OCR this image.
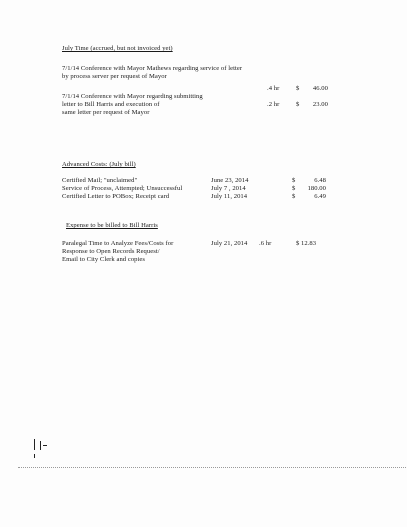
July Time (accrued, but not invoiced yet)
7/1/14 Conference with Mayor Mathews regarding service of letter
by process server per request of Mayor
.4 hr	$	46.00
7/1/14 Conference with Mayor regarding submitting
letter to Bill Harris and execution of	.2 hr	$	23.00
same letter per request of Mayor
Advanced Costs: (July bill)
Certified Mail; "unclaimed"	June 23, 2014	$	6.48
Service of Process, Attempted; Unsuccessful	July 7 , 2014	$	180.00
Certified Letter to POBox; Receipt card	July 11, 2014	$	6.49
Expense to be billed to Bill Harris
Paralegal Time to Analyze Fees/Costs for	July 21, 2014 .6 hr	$ 12.83
Response to Open Records Request/
Email to City Clerk and copies
